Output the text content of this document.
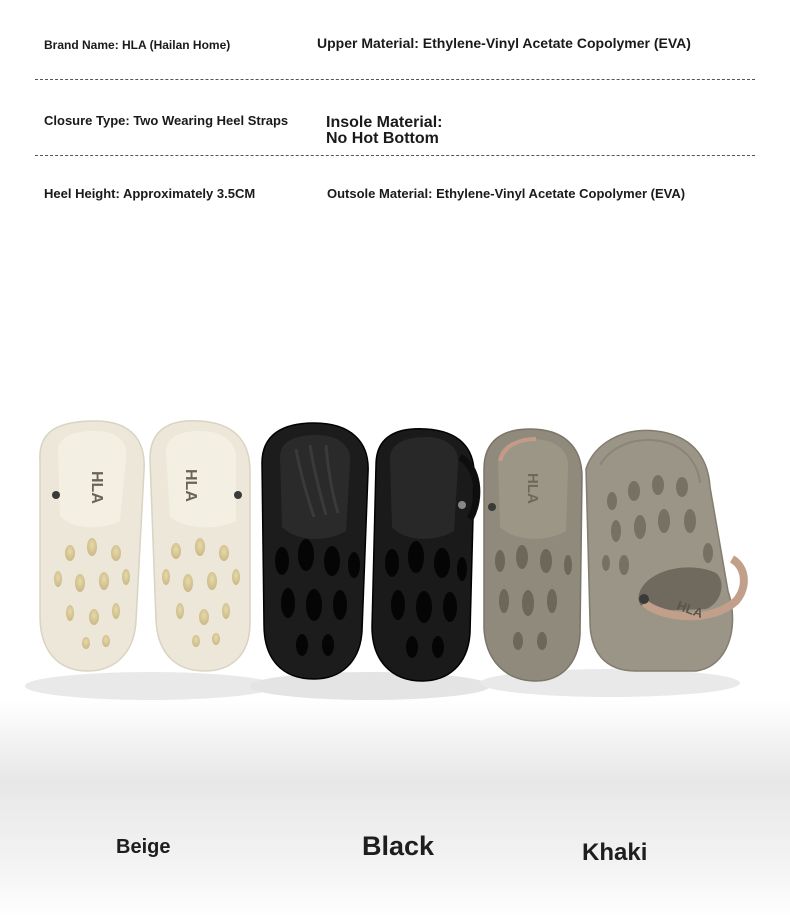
Brand Name: HLA (Hailan Home)	Upper Material: Ethylene-Vinyl Acetate Copolymer (EVA)
Closure Type: Two Wearing Heel Straps Insole Material:
No Hot Bottom
Heel Height: Approximately 3.5CM	Outsole Material: Ethylene-Vinyl Acetate Copolymer (EVA)
HLA	HLA	HLA
HLA
Beige	Black	Khaki
